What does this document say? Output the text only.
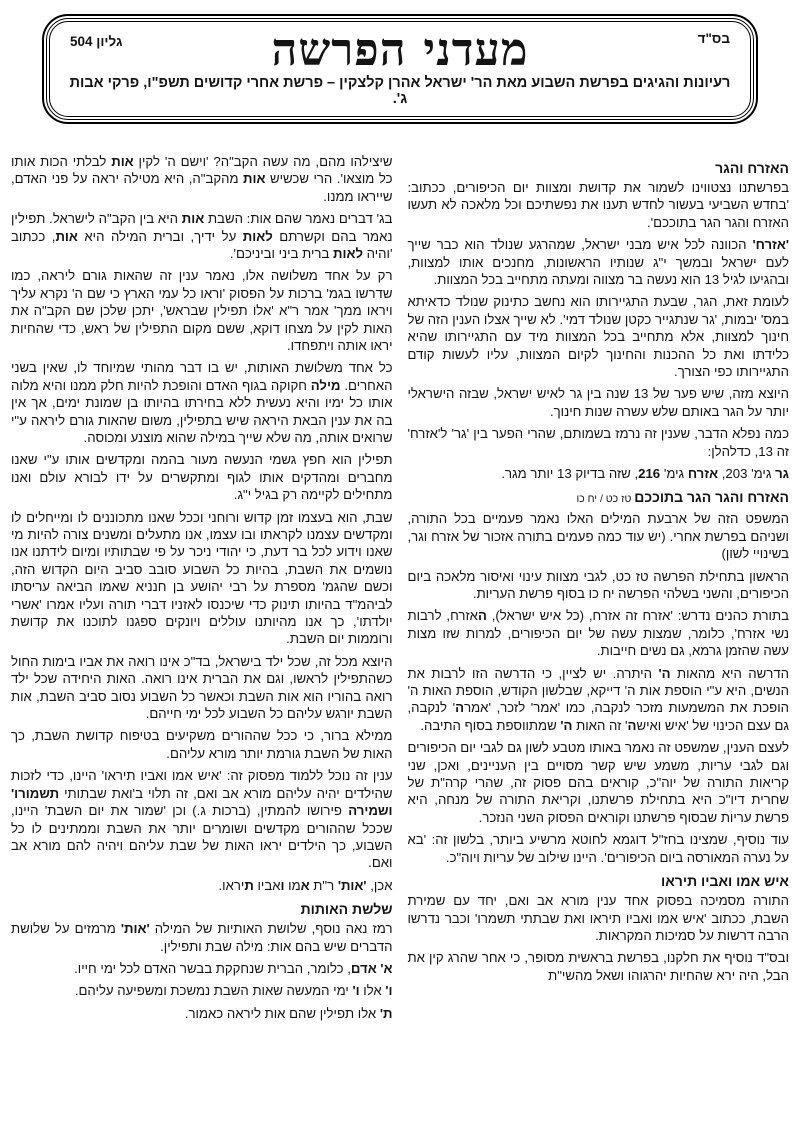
בס"ד
גליון 504	מעדני הפרשה
רעיונות והגיגים בפרשת השבוע מאת הר' ישראל אהרן קלצקין – פרשת אחרי קדושים תשפ"ו, פרקי אבות ג'.
האזרח והגר

בפרשתנו נצטווינו לשמור את קדושת ומצוות יום הכיפורים, ככתוב: 'בחדש השביעי בעשור לחדש תענו את נפשתיכם וכל מלאכה לא תעשו האזרח והגר הגר בתוככם'.

'אזרח' הכוונה לכל איש מבני ישראל, שמהרגע שנולד הוא כבר שייך לעם ישראל ובמשך י"ג שנותיו הראשונות, מחנכים אותו למצוות, ובהגיעו לגיל 13 הוא נעשה בר מצווה ומעתה מתחייב בכל המצוות.

לעומת זאת, הגר, שבעת התגיירותו הוא נחשב כתינוק שנולד כדאיתא במס' יבמות, 'גר שנתגייר כקטן שנולד דמי'. לא שייך אצלו הענין הזה של חינוך למצוות, אלא מתחייב בכל המצוות מיד עם התגיירותו שהיא כלידתו ואת כל ההכנות והחינוך לקיום המצוות, עליו לעשות קודם התגיירותו כפי הצורך.

היוצא מזה, שיש פער של 13 שנה בין גר לאיש ישראל, שבזה הישראלי יותר על הגר באותם שלש עשרה שנות חינוך.

כמה נפלא הדבר, שענין זה נרמז בשמותם, שהרי הפער בין 'גר' ל'אזרח' זה 13, כדלהלן:

גר גימ' 203, אזרח גימ' 216, שזה בדיוק 13 יותר מגר.

האזרח והגר הגר בתוככם טז כט / יח כו

המשפט הזה של ארבעת המילים האלו נאמר פעמיים בכל התורה, ושניהם בפרשת אחרי. (יש עוד כמה פעמים בתורה אזכור של אזרח וגר, בשינויי לשון)

הראשון בתחילת הפרשה טז כט, לגבי מצוות עינוי ואיסור מלאכה ביום הכיפורים, והשני בשלהי הפרשה יח כו בסוף פרשת העריות.

בתורת כהנים נדרש: 'אזרח זה אזרח, (כל איש ישראל), האזרח, לרבות נשי אזרח', כלומר, שמצות עשה של יום הכיפורים, למרות שזו מצות עשה שהזמן גרמא, גם נשים חייבות.

הדרשה היא מהאות ה' היתרה. יש לציין, כי הדרשה הזו לרבות את הנשים, היא ע"י הוספת אות ה' דייקא, שבלשון הקודש, הוספת האות ה' הופכת את המשמעות מזכר לנקבה, כמו 'אמר' לזכר, 'אמרה' לנקבה, גם עצם הכינוי של 'איש ואישה' זה האות ה' שמתווספת בסוף התיבה.

לעצם הענין, שמשפט זה נאמר באותו מטבע לשון גם לגבי יום הכיפורים וגם לגבי עריות, משמע שיש קשר מסויים בין העניינים, ואכן, שני קריאות התורה של יוה"כ, קוראים בהם פסוק זה, שהרי קרה"ת של שחרית דיו"כ היא בתחילת פרשתנו, וקריאת התורה של מנחה, היא פרשת עריות שבסוף פרשתנו וקוראים הפסוק השני הנזכר.

עוד נוסיף, שמצינו בחז"ל דוגמא לחוטא מרשיע ביותר, בלשון זה: 'בא על נערה המאורסה ביום הכיפורים'. היינו שילוב של עריות ויוה"כ.

איש אמו ואביו תיראו

התורה מסמיכה בפסוק אחד ענין מורא אב ואם, יחד עם שמירת השבת, ככתוב 'איש אמו ואביו תיראו ואת שבתתי תשמרו' וכבר נדרשו הרבה דרשות על סמיכות המקראות.

ובס"ד נוסיף את חלקנו, בפרשת בראשית מסופר, כי אחר שהרג קין את הבל, היה ירא שהחיות יהרגוהו ושאל מהשי"ת

שיצילהו מהם, מה עשה הקב"ה? 'וישם ה' לקין אות לבלתי הכות אותו כל מוצאו'. הרי שכשיש אות מהקב"ה, היא מטילה יראה על פני האדם, שייראו ממנו.

בג' דברים נאמר שהם אות: השבת אות היא בין הקב"ה לישראל. תפילין נאמר בהם וקשרתם לאות על ידיך, וברית המילה היא אות, ככתוב 'והיה לאות ברית ביני וביניכם'.

רק על אחד משלושה אלו, נאמר ענין זה שהאות גורם ליראה, כמו שדרשו בגמ' ברכות על הפסוק 'וראו כל עמי הארץ כי שם ה' נקרא עליך ויראו ממך' אמר ר"א 'אלו תפילין שבראש', יתכן שלכן שם הקב"ה את האות לקין על מצחו דוקא, ששם מקום התפילין של ראש, כדי שהחיות יראו אותה ויתפחדו.

כל אחד משלושת האותות, יש בו דבר מהותי שמיוחד לו, שאין בשני האחרים. מילה חקוקה בגוף האדם והופכת להיות חלק ממנו והיא מלוה אותו כל ימיו והיא נעשית ללא בחירתו בהיותו בן שמונת ימים, אך אין בה את ענין הבאת היראה שיש בתפילין, משום שהאות גורם ליראה ע"י שרואים אותה, מה שלא שייך במילה שהוא מוצנע ומכוסה.

תפילין הוא חפץ גשמי הנעשה מעור בהמה ומקדשים אותו ע"י שאנו מחברים ומהדקים אותו לגוף ומתקשרים על ידו לבורא עולם ואנו מתחילים לקיימה רק בגיל י"ג.

שבת, הוא בעצמו זמן קדוש ורוחני וככל שאנו מתכוננים לו ומייחלים לו ומקדשים עצמנו לקראתו ובו עצמו, אנו מתעלים ומשנים צורה להיות מי שאנו וידוע לכל בר דעת, כי יהודי ניכר על פי שבתותיו ומיום לידתנו אנו נושמים את השבת, בהיות כל השבוע סובב סביב היום הקדוש הזה, וכשם שהגמ' מספרת על רבי יהושע בן חנניא שאמו הביאה עריסתו לביהמ"ד בהיותו תינוק כדי שיכנסו לאזניו דברי תורה ועליו אמרו 'אשרי יולדתו', כך אנו מהיותנו עוללים ויונקים ספגנו לתוכנו את קדושת ורוממות יום השבת.

היוצא מכל זה, שכל ילד בישראל, בד"כ אינו רואה את אביו בימות החול כשהתפילין לראשו, וגם את הברית אינו רואה. האות היחידה שכל ילד רואה בהוריו הוא אות השבת וכאשר כל השבוע נסוב סביב השבת, אות השבת יורגש עליהם כל השבוע לכל ימי חייהם.

ממילא ברור, כי ככל שההורים משקיעים בטיפוח קדושת השבת, כך האות של השבת גורמת יותר מורא עליהם.

ענין זה נוכל ללמוד מפסוק זה: 'איש אמו ואביו תיראו' היינו, כדי לזכות שהילדים יהיה עליהם מורא אב ואם, זה תלוי ב'ואת שבתותי תשמורו' ושמירה פירושו להמתין, (ברכות ג.) וכן 'שמור את יום השבת' היינו, שככל שההורים מקדשים ושומרים יותר את השבת וממתינים לו כל השבוע, כך הילדים יראו האות של שבת עליהם ויהיה להם מורא אב ואם.

אכן, 'אות' ר"ת אמו ואביו תיראו.

שלשת האותות

רמז נאה נוסף, שלושת האותיות של המילה 'אות' מרמזים על שלושת הדברים שיש בהם אות: מילה שבת ותפילין.

א' אדם, כלומר, הברית שנחקקת בבשר האדם לכל ימי חייו.

ו' אלו ו' ימי המעשה שאות השבת נמשכת ומשפיעה עליהם.

ת' אלו תפילין שהם אות ליראה כאמור.
